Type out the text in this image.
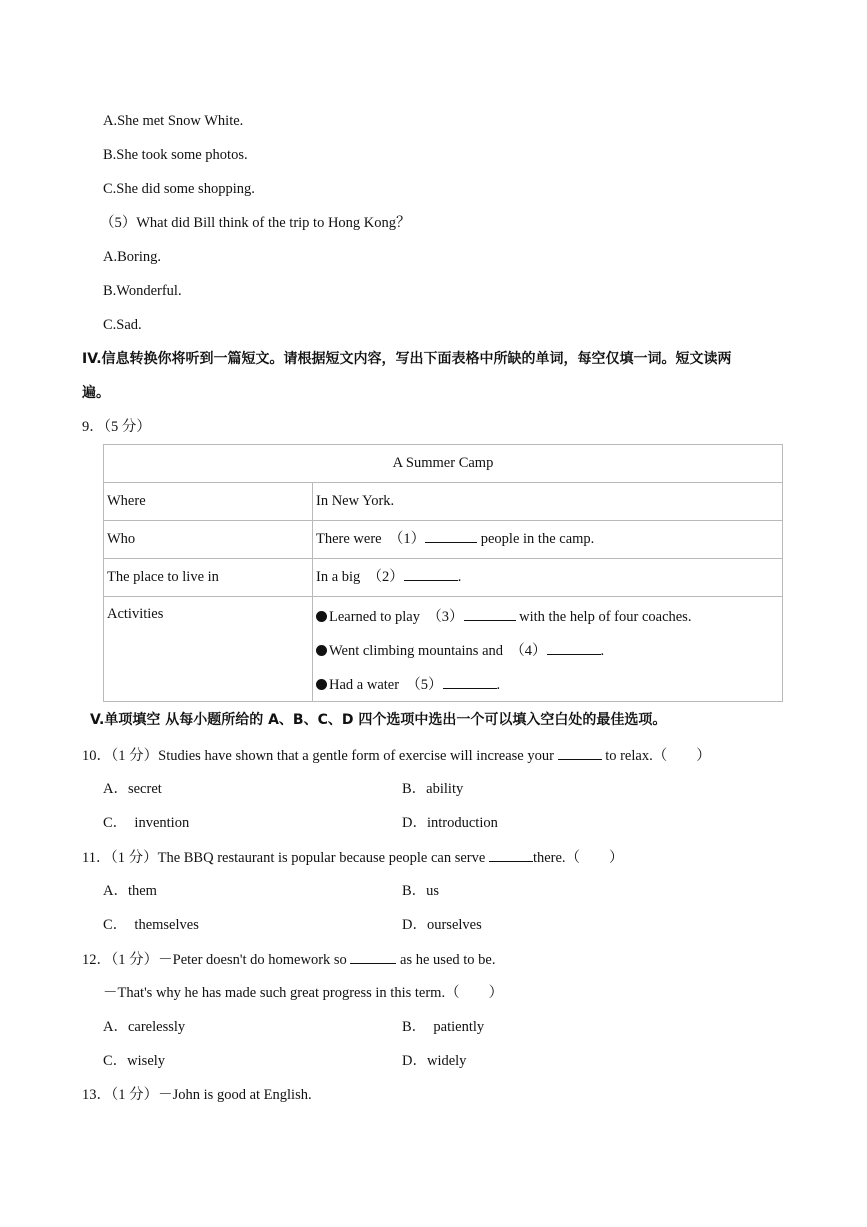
A.She met Snow White.
B.She took some photos.
C.She did some shopping.
（5）What did Bill think of the trip to Hong Kong？
A.Boring.
B.Wonderful.
C.Sad.
IV.信息转换你将听到一篇短文。请根据短文内容，写出下面表格中所缺的单词，每空仅填一词。短文读两
遍。
9．（5 分）
A Summer Camp	
Where	In New York.
Who	There were　（1） people in the camp.
The place to live in	In a big　（2） .
Activities	Learned to play　（3） with the help of four coaches.
Went climbing mountains and　（4） .
Had a water　（5） .
V.单项填空 从每小题所给的 A、B、C、D 四个选项中选出一个可以填入空白处的最佳选项。
10．（1 分）Studies have shown that a gentle form of exercise will increase your	to relax.（　　）
A．secret	B．ability
C．　invention	D．introduction
11．（1 分）The BBQ restaurant is popular because people can serve	there.（　　）
A．them	B．us
C．　themselves	D．ourselves
12．（1 分）－Peter doesn't do homework so	as he used to be.
－That's why he has made such great progress in this term.（　　）
A．carelessly	B．　patiently
C．wisely	D．widely
13．（1 分）－John is good at English.
